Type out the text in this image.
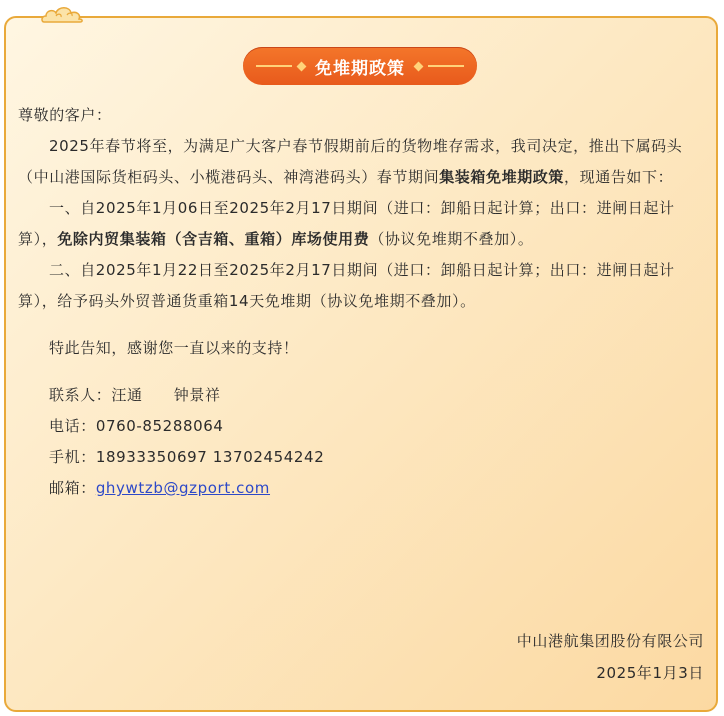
免堆期政策

尊敬的客户：

2025年春节将至，为满足广大客户春节假期前后的货物堆存需求，我司决定，推出下属码头（中山港国际货柜码头、小榄港码头、神湾港码头）春节期间集装箱免堆期政策，现通告如下：

一、自2025年1月06日至2025年2月17日期间（进口：卸船日起计算；出口：进闸日起计算），免除内贸集装箱（含吉箱、重箱）库场使用费（协议免堆期不叠加）。

二、自2025年1月22日至2025年2月17日期间（进口：卸船日起计算；出口：进闸日起计算），给予码头外贸普通货重箱14天免堆期（协议免堆期不叠加）。

特此告知，感谢您一直以来的支持！

联系人：汪通　　钟景祥

电话：0760-85288064

手机：18933350697 13702454242

邮箱：ghywtzb@gzport.com

中山港航集团股份有限公司
2025年1月3日
